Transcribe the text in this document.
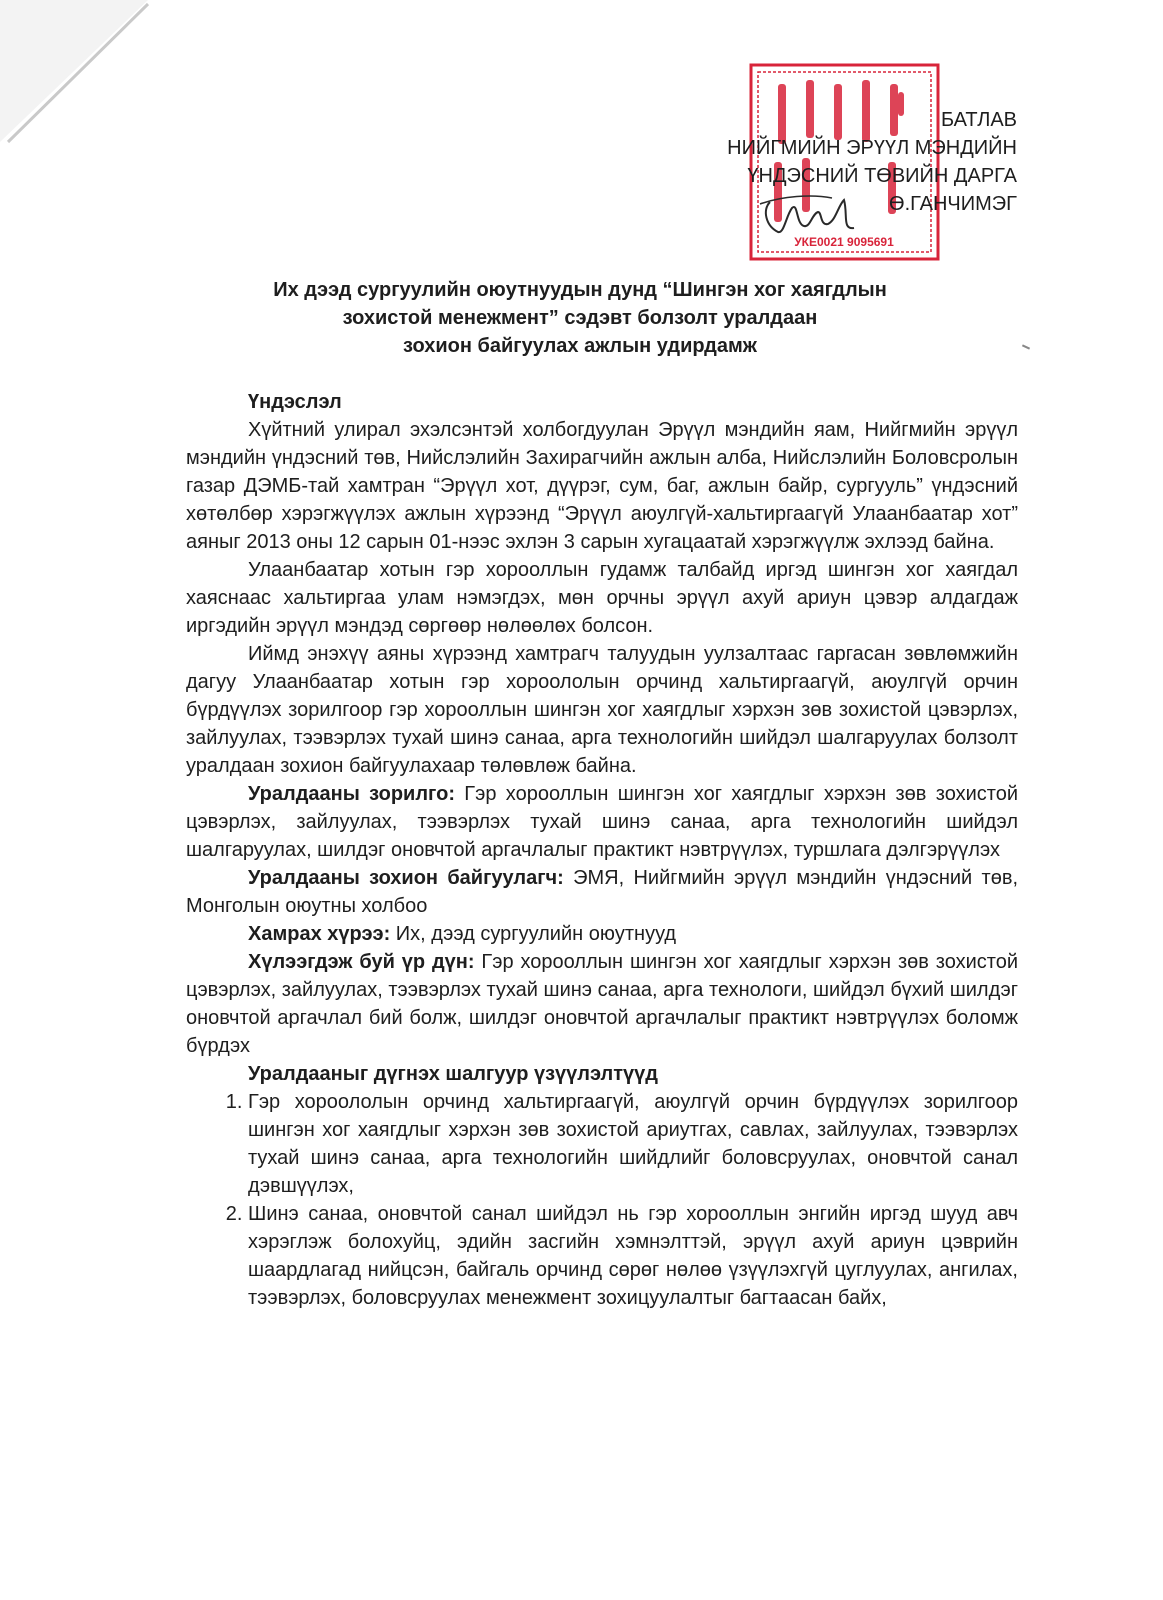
УКЕ0021 9095691
БАТЛАВ
НИЙГМИЙН ЭРҮҮЛ МЭНДИЙН
ҮНДЭСНИЙ ТӨВИЙН ДАРГА
Ө.ГАНЧИМЭГ
Их дээд сургуулийн оюутнуудын дунд “Шингэн хог хаягдлын
зохистой менежмент” сэдэвт болзолт уралдаан
зохион байгуулах ажлын удирдамж

Үндэслэл

Хүйтний улирал эхэлсэнтэй холбогдуулан Эрүүл мэндийн яам, Нийгмийн эрүүл мэндийн үндэсний төв, Нийслэлийн Захирагчийн ажлын алба, Нийслэлийн Боловсролын газар ДЭМБ-тай хамтран “Эрүүл хот, дүүрэг, сум, баг, ажлын байр, сургууль” үндэсний хөтөлбөр хэрэгжүүлэх ажлын хүрээнд “Эрүүл аюулгүй-хальтиргаагүй Улаанбаатар хот” аяныг 2013 оны 12 сарын 01-нээс эхлэн 3 сарын хугацаатай хэрэгжүүлж эхлээд байна.

Улаанбаатар хотын гэр хорооллын гудамж талбайд иргэд шингэн хог хаягдал хаяснаас хальтиргаа улам нэмэгдэх, мөн орчны эрүүл ахуй ариун цэвэр алдагдаж иргэдийн эрүүл мэндэд сөргөөр нөлөөлөх болсон.

Иймд энэхүү аяны хүрээнд хамтрагч талуудын уулзалтаас гаргасан зөвлөмжийн дагуу Улаанбаатар хотын гэр хороололын орчинд хальтиргаагүй, аюулгүй орчин бүрдүүлэх зорилгоор гэр хорооллын шингэн хог хаягдлыг хэрхэн зөв зохистой цэвэрлэх, зайлуулах, тээвэрлэх тухай шинэ санаа, арга технологийн шийдэл шалгаруулах болзолт уралдаан зохион байгуулахаар төлөвлөж байна.

Уралдааны зорилго: Гэр хорооллын шингэн хог хаягдлыг хэрхэн зөв зохистой цэвэрлэх, зайлуулах, тээвэрлэх тухай шинэ санаа, арга технологийн шийдэл шалгаруулах, шилдэг оновчтой аргачлалыг практикт нэвтрүүлэх, туршлага дэлгэрүүлэх

Уралдааны зохион байгуулагч: ЭМЯ, Нийгмийн эрүүл мэндийн үндэсний төв, Монголын оюутны холбоо

Хамрах хүрээ: Их, дээд сургуулийн оюутнууд

Хүлээгдэж буй үр дүн: Гэр хорооллын шингэн хог хаягдлыг хэрхэн зөв зохистой цэвэрлэх, зайлуулах, тээвэрлэх тухай шинэ санаа, арга технологи, шийдэл бүхий шилдэг оновчтой аргачлал бий болж, шилдэг оновчтой аргачлалыг практикт нэвтрүүлэх боломж бүрдэх

Уралдааныг дүгнэх шалгуур үзүүлэлтүүд

1. Гэр хороололын орчинд хальтиргаагүй, аюулгүй орчин бүрдүүлэх зорилгоор шингэн хог хаягдлыг хэрхэн зөв зохистой ариутгах, савлах, зайлуулах, тээвэрлэх тухай шинэ санаа, арга технологийн шийдлийг боловсруулах, оновчтой санал дэвшүүлэх,
2. Шинэ санаа, оновчтой санал шийдэл нь гэр хорооллын энгийн иргэд шууд авч хэрэглэж болохуйц, эдийн засгийн хэмнэлттэй, эрүүл ахуй ариун цэврийн шаардлагад нийцсэн, байгаль орчинд сөрөг нөлөө үзүүлэхгүй цуглуулах, ангилах, тээвэрлэх, боловсруулах менежмент зохицуулалтыг багтаасан байх,
